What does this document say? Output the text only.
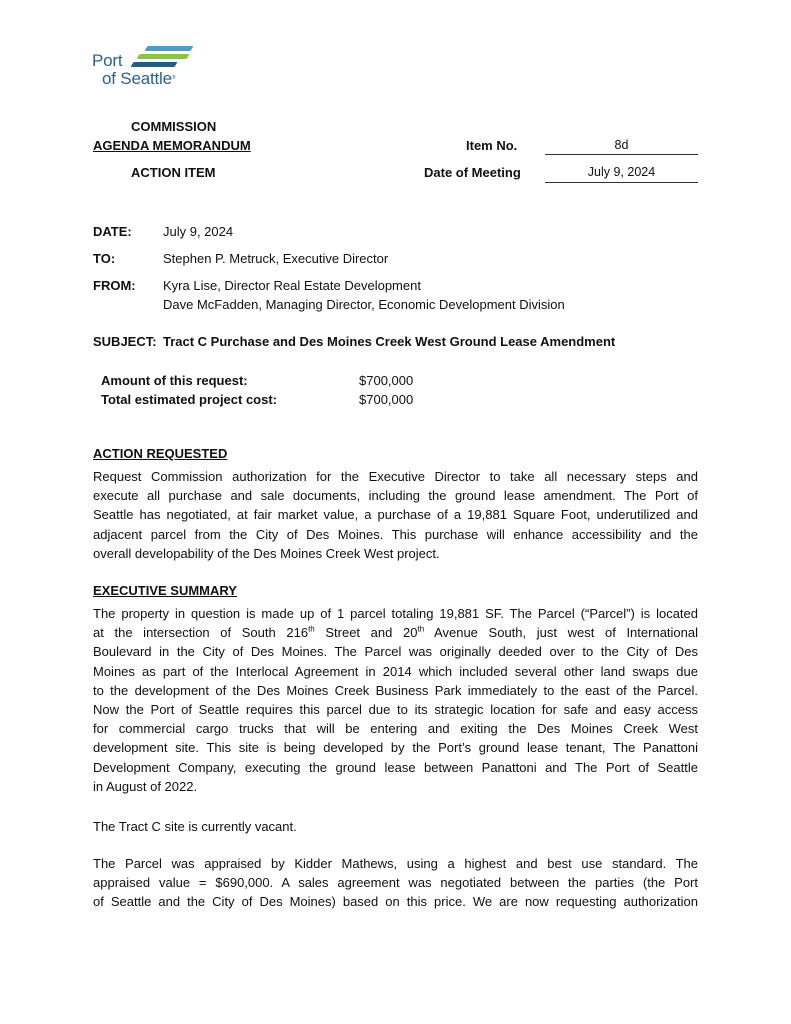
Port
of Seattle®
COMMISSION
AGENDA MEMORANDUM
ACTION ITEM
Item No.	8d
Date of Meeting	July 9, 2024
DATE: July 9, 2024
TO:	Stephen P. Metruck, Executive Director
FROM: Kyra Lise, Director Real Estate Development
Dave McFadden, Managing Director, Economic Development Division
SUBJECT: Tract C Purchase and Des Moines Creek West Ground Lease Amendment
Amount of this request:	$700,000
Total estimated project cost:	$700,000
ACTION REQUESTED
Request Commission authorization for the Executive Director to take all necessary steps and
execute all purchase and sale documents, including the ground lease amendment. The Port of
Seattle has negotiated, at fair market value, a purchase of a 19,881 Square Foot, underutilized and
adjacent parcel from the City of Des Moines. This purchase will enhance accessibility and the
overall developability of the Des Moines Creek West project.
EXECUTIVE SUMMARY
The property in question is made up of 1 parcel totaling 19,881 SF. The Parcel (“Parcel”) is located
at the intersection of South 216th Street and 20th Avenue South, just west of International
Boulevard in the City of Des Moines. The Parcel was originally deeded over to the City of Des
Moines as part of the Interlocal Agreement in 2014 which included several other land swaps due
to the development of the Des Moines Creek Business Park immediately to the east of the Parcel.
Now the Port of Seattle requires this parcel due to its strategic location for safe and easy access
for commercial cargo trucks that will be entering and exiting the Des Moines Creek West
development site. This site is being developed by the Port’s ground lease tenant, The Panattoni
Development Company, executing the ground lease between Panattoni and The Port of Seattle
in August of 2022.
The Tract C site is currently vacant.
The Parcel was appraised by Kidder Mathews, using a highest and best use standard. The
appraised value = $690,000. A sales agreement was negotiated between the parties (the Port
of Seattle and the City of Des Moines) based on this price. We are now requesting authorization
